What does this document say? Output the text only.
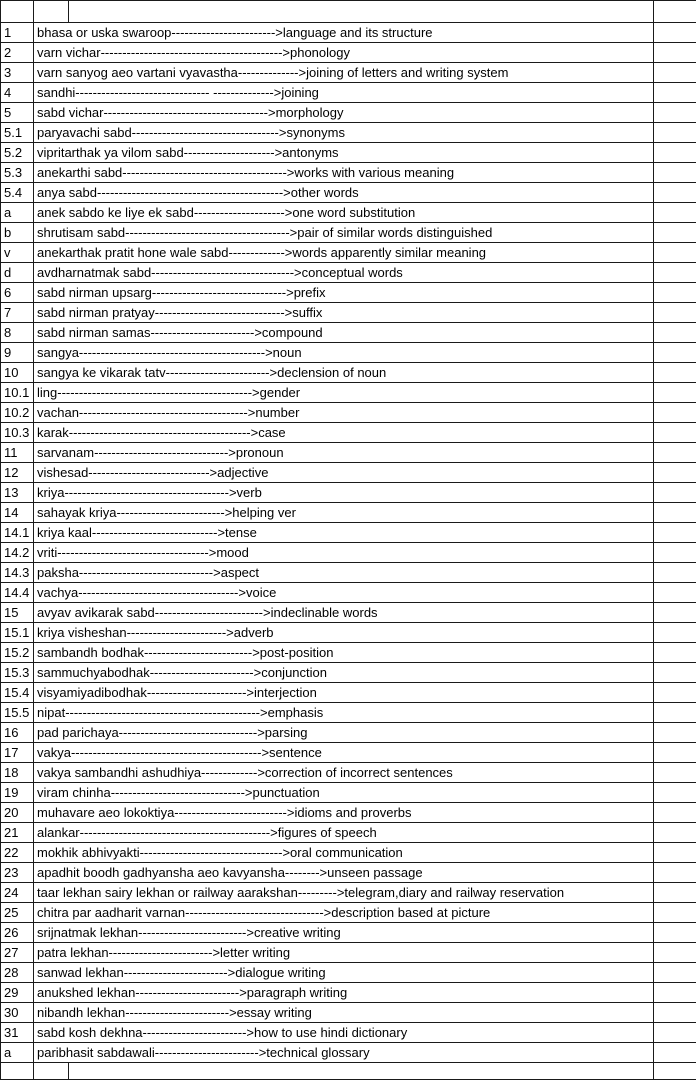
1	bhasa or uska swaroop------------------------>language and its structure		
2	varn vichar------------------------------------------>phonology		
3	varn sanyog aeo vartani vyavastha-------------->joining of letters and writing system		
4	sandhi------------------------------- -------------->joining		
5	sabd vichar-------------------------------------->morphology		
5.1	paryavachi sabd---------------------------------->synonyms		
5.2	vipritarthak ya vilom sabd--------------------->antonyms		
5.3	anekarthi sabd-------------------------------------->works with various meaning		
5.4	anya sabd------------------------------------------->other words		
a	anek sabdo ke liye ek sabd--------------------->one word substitution		
b	shrutisam sabd-------------------------------------->pair of similar words distinguished		
v	anekarthak pratit hone wale sabd------------->words apparently similar meaning		
d	avdharnatmak sabd--------------------------------->conceptual words		
6	sabd nirman upsarg------------------------------->prefix		
7	sabd nirman pratyay------------------------------>suffix		
8	sabd nirman samas------------------------>compound		
9	sangya------------------------------------------->noun		
10	sangya ke vikarak tatv------------------------>declension of noun		
10.1	ling--------------------------------------------->gender		
10.2	vachan--------------------------------------->number		
10.3	karak------------------------------------------>case		
11	sarvanam------------------------------->pronoun		
12	vishesad---------------------------->adjective		
13	kriya-------------------------------------->verb		
14	sahayak kriya------------------------->helping ver		
14.1	kriya kaal----------------------------->tense		
14.2	vriti----------------------------------->mood		
14.3	paksha------------------------------->aspect		
14.4	vachya------------------------------------->voice		
15	avyav avikarak sabd------------------------->indeclinable words		
15.1	kriya visheshan----------------------->adverb		
15.2	sambandh bodhak------------------------->post-position		
15.3	sammuchyabodhak------------------------>conjunction		
15.4	visyamiyadibodhak----------------------->interjection		
15.5	nipat--------------------------------------------->emphasis		
16	pad parichaya-------------------------------->parsing		
17	vakya-------------------------------------------->sentence		
18	vakya sambandhi ashudhiya------------->correction of incorrect sentences		
19	viram chinha------------------------------->punctuation		
20	muhavare aeo lokoktiya-------------------------->idioms and proverbs		
21	alankar-------------------------------------------->figures of speech		
22	mokhik abhivyakti--------------------------------->oral communication		
23	apadhit boodh gadhyansha aeo kavyansha-------->unseen passage		
24	taar lekhan sairy lekhan or railway aarakshan--------->telegram,diary and railway reservation		
25	chitra par aadharit varnan-------------------------------->description based at picture		
26	srijnatmak lekhan------------------------->creative writing		
27	patra lekhan------------------------>letter writing		
28	sanwad lekhan------------------------>dialogue writing		
29	anukshed lekhan------------------------>paragraph writing		
30	nibandh lekhan------------------------>essay writing		
31	sabd kosh dekhna------------------------>how to use hindi dictionary		
a	paribhasit sabdawali------------------------>technical glossary		
